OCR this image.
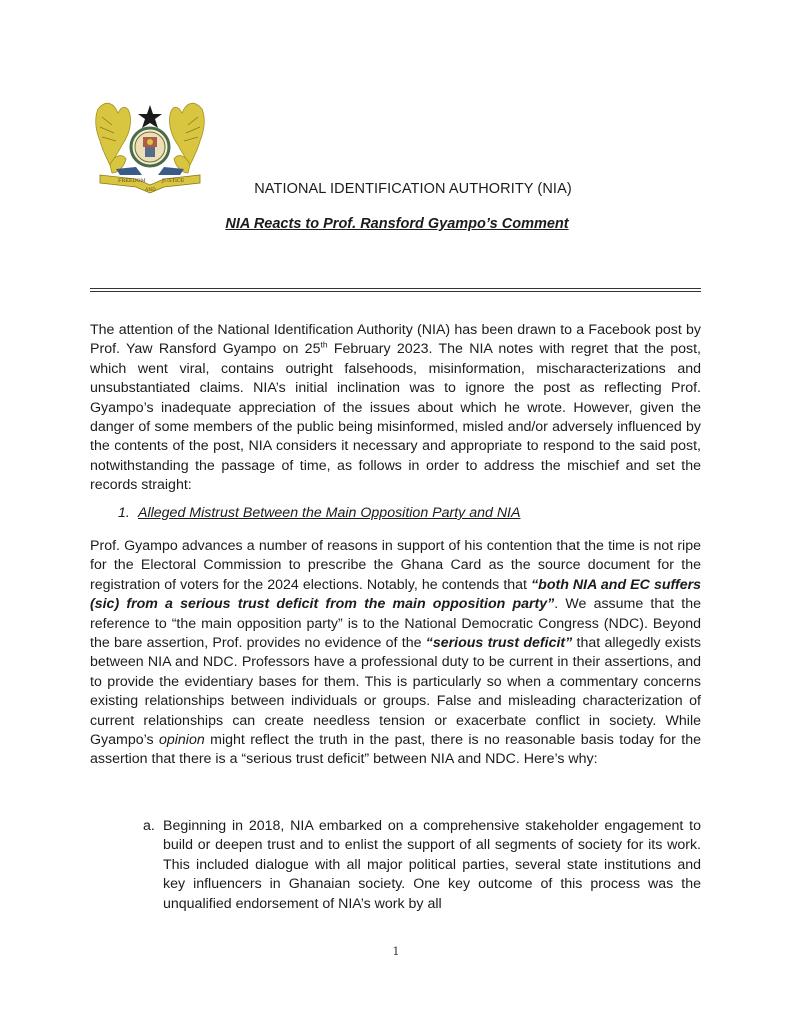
FREEDOM
AND
JUSTICE	NATIONAL IDENTIFICATION AUTHORITY (NIA)
NIA Reacts to Prof. Ransford Gyampo’s Comment
The attention of the National Identification Authority (NIA) has been drawn to a Facebook post by Prof. Yaw Ransford Gyampo on 25th February 2023. The NIA notes with regret that the post, which went viral, contains outright falsehoods, misinformation, mischaracterizations and unsubstantiated claims. NIA’s initial inclination was to ignore the post as reflecting Prof. Gyampo’s inadequate appreciation of the issues about which he wrote. However, given the danger of some members of the public being misinformed, misled and/or adversely influenced by the contents of the post, NIA considers it necessary and appropriate to respond to the said post, notwithstanding the passage of time, as follows in order to address the mischief and set the records straight:
1. Alleged Mistrust Between the Main Opposition Party and NIA
Prof. Gyampo advances a number of reasons in support of his contention that the time is not ripe for the Electoral Commission to prescribe the Ghana Card as the source document for the registration of voters for the 2024 elections. Notably, he contends that “both NIA and EC suffers (sic) from a serious trust deficit from the main opposition party”. We assume that the reference to “the main opposition party” is to the National Democratic Congress (NDC). Beyond the bare assertion, Prof. provides no evidence of the “serious trust deficit” that allegedly exists between NIA and NDC. Professors have a professional duty to be current in their assertions, and to provide the evidentiary bases for them. This is particularly so when a commentary concerns existing relationships between individuals or groups. False and misleading characterization of current relationships can create needless tension or exacerbate conflict in society. While Gyampo’s opinion might reflect the truth in the past, there is no reasonable basis today for the assertion that there is a “serious trust deficit” between NIA and NDC. Here’s why:
a. Beginning in 2018, NIA embarked on a comprehensive stakeholder engagement to build or deepen trust and to enlist the support of all segments of society for its work. This included dialogue with all major political parties, several state institutions and key influencers in Ghanaian society. One key outcome of this process was the unqualified endorsement of NIA’s work by all
1
